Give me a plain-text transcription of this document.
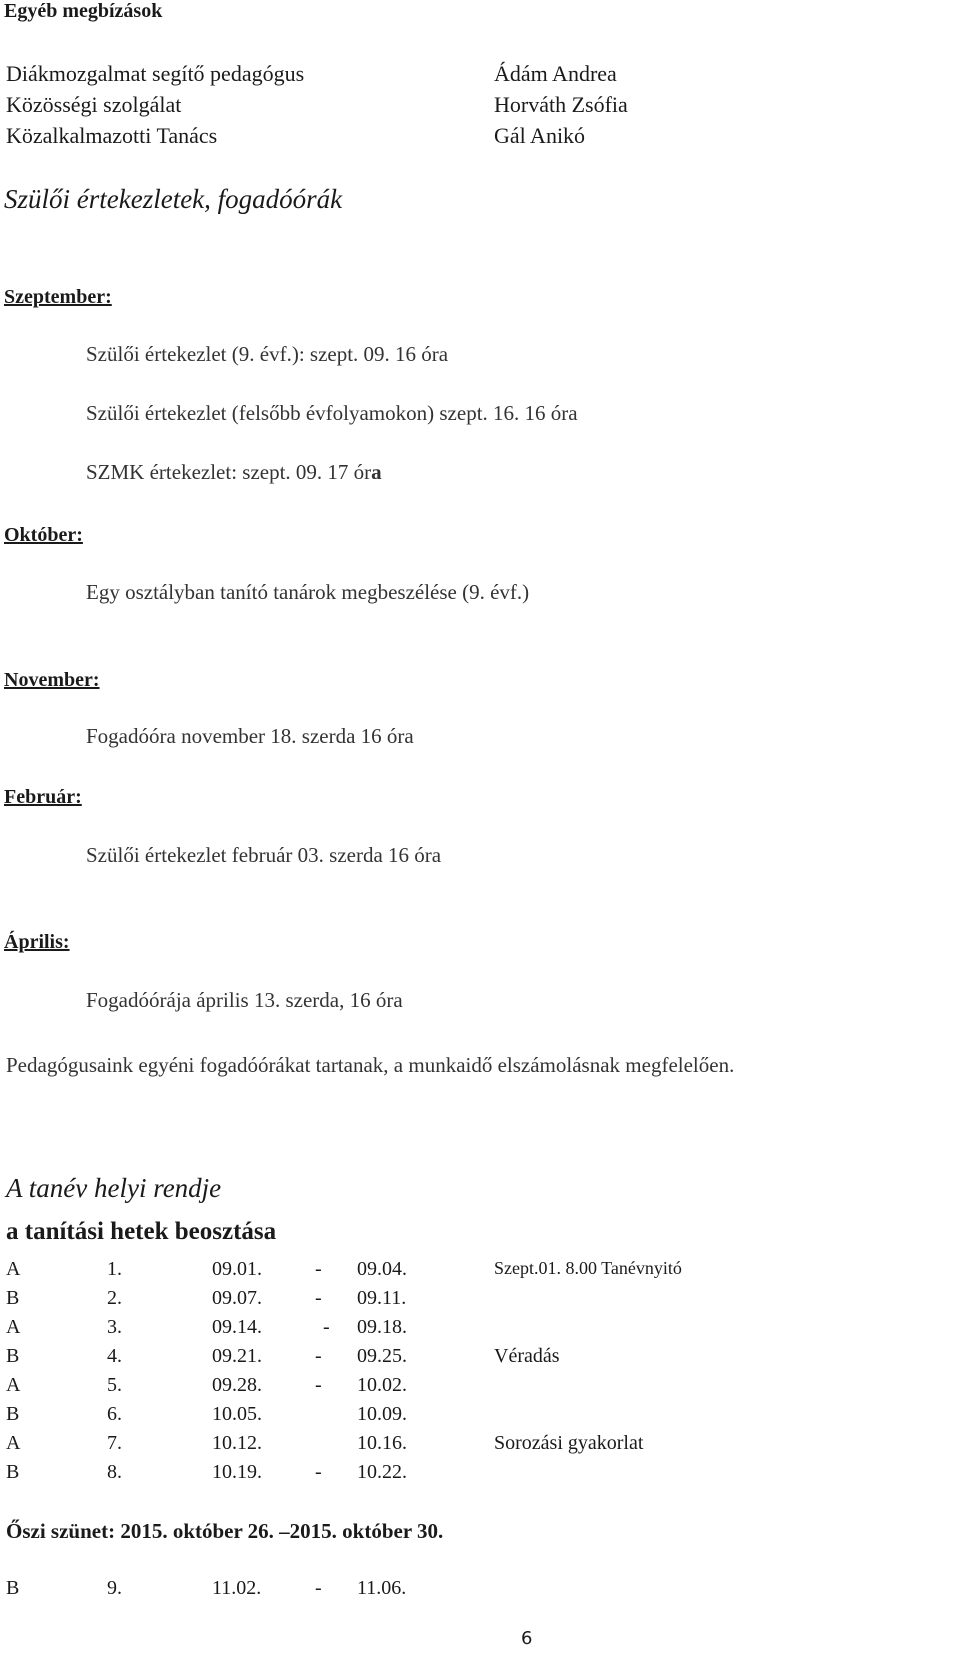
Egyéb megbízások
Diákmozgalmat segítő pedagógus	Ádám Andrea
Közösségi szolgálat	Horváth Zsófia
Közalkalmazotti Tanács	Gál Anikó
Szülői értekezletek, fogadóórák
Szeptember:
Szülői értekezlet (9. évf.): szept. 09. 16 óra
Szülői értekezlet (felsőbb évfolyamokon) szept. 16. 16 óra
SZMK értekezlet: szept. 09. 17 óra
Október:
Egy osztályban tanító tanárok megbeszélése (9. évf.)
November:
Fogadóóra november 18. szerda 16 óra
Február:
Szülői értekezlet február 03. szerda 16 óra
Április:
Fogadóórája április 13. szerda, 16 óra
Pedagógusaink egyéni fogadóórákat tartanak, a munkaidő elszámolásnak megfelelően.
A tanév helyi rendje
a tanítási hetek beosztása
A	1.	09.01.	- 09.04.	Szept.01. 8.00 Tanévnyitó
B	2.	09.07.	- 09.11.
A	3.	09.14.	- 09.18.
B	4.	09.21.	- 09.25.	Véradás
A	5.	09.28.	- 10.02.
B	6.	10.05.	10.09.
A	7.	10.12.	10.16.	Sorozási gyakorlat
B	8.	10.19.	- 10.22.
Őszi szünet: 2015. október 26. –2015. október 30.
B	9.	11.02.	- 11.06.
6
